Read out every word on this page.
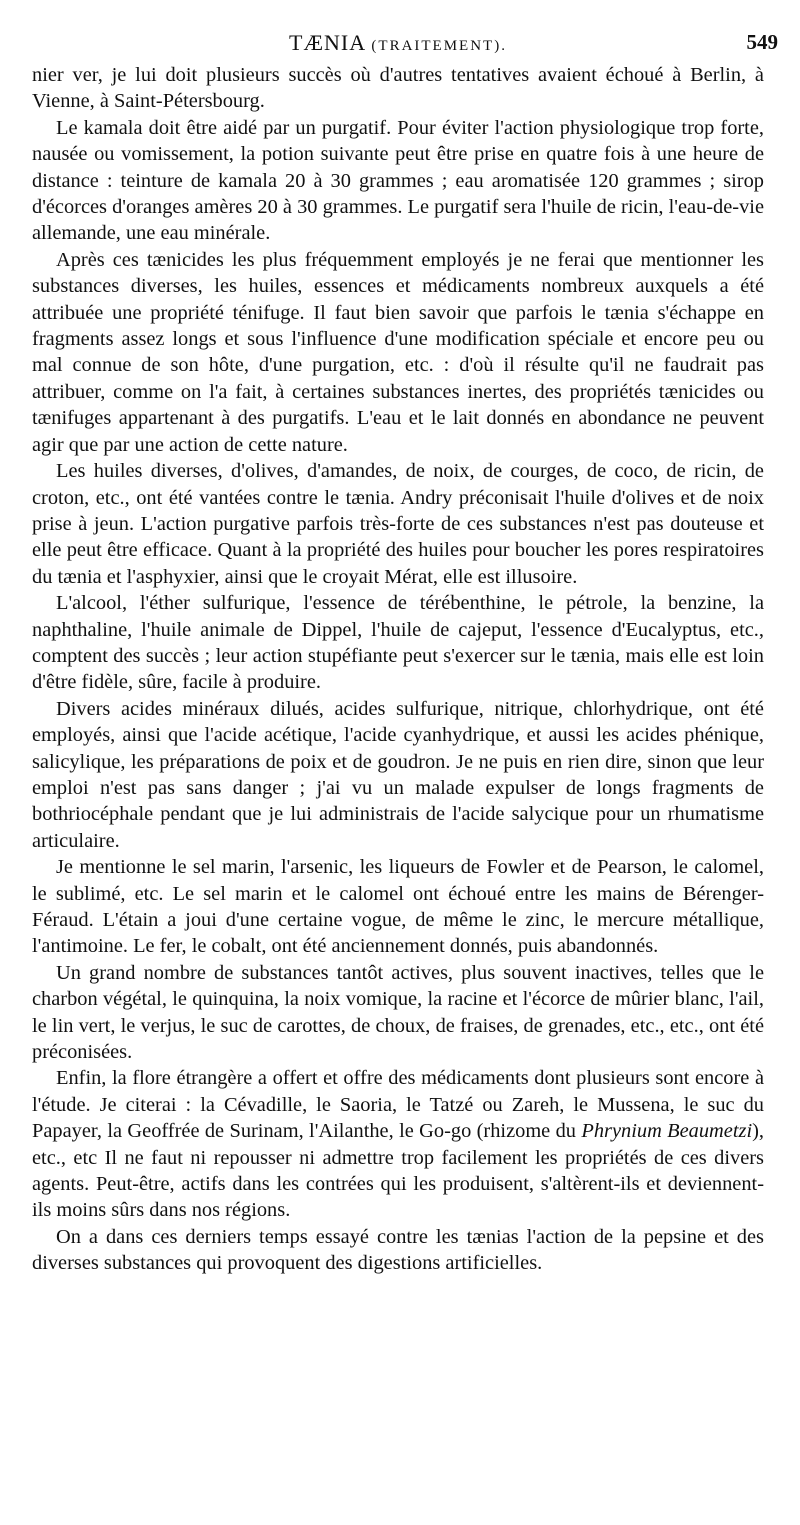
TÆNIA (TRAITEMENT).	549

nier ver, je lui doit plusieurs succès où d'autres tentatives avaient échoué à Berlin, à Vienne, à Saint-Pétersbourg.

Le kamala doit être aidé par un purgatif. Pour éviter l'action physiologique trop forte, nausée ou vomissement, la potion suivante peut être prise en quatre fois à une heure de distance : teinture de kamala 20 à 30 grammes ; eau aromatisée 120 grammes ; sirop d'écorces d'oranges amères 20 à 30 grammes. Le purgatif sera l'huile de ricin, l'eau-de-vie allemande, une eau minérale.

Après ces tænicides les plus fréquemment employés je ne ferai que mentionner les substances diverses, les huiles, essences et médicaments nombreux auxquels a été attribuée une propriété ténifuge. Il faut bien savoir que parfois le tænia s'échappe en fragments assez longs et sous l'influence d'une modification spéciale et encore peu ou mal connue de son hôte, d'une purgation, etc. : d'où il résulte qu'il ne faudrait pas attribuer, comme on l'a fait, à certaines substances inertes, des propriétés tænicides ou tænifuges appartenant à des purgatifs. L'eau et le lait donnés en abondance ne peuvent agir que par une action de cette nature.

Les huiles diverses, d'olives, d'amandes, de noix, de courges, de coco, de ricin, de croton, etc., ont été vantées contre le tænia. Andry préconisait l'huile d'olives et de noix prise à jeun. L'action purgative parfois très-forte de ces substances n'est pas douteuse et elle peut être efficace. Quant à la propriété des huiles pour boucher les pores respiratoires du tænia et l'asphyxier, ainsi que le croyait Mérat, elle est illusoire.

L'alcool, l'éther sulfurique, l'essence de térébenthine, le pétrole, la benzine, la naphthaline, l'huile animale de Dippel, l'huile de cajeput, l'essence d'Eucalyptus, etc., comptent des succès ; leur action stupéfiante peut s'exercer sur le tænia, mais elle est loin d'être fidèle, sûre, facile à produire.

Divers acides minéraux dilués, acides sulfurique, nitrique, chlorhydrique, ont été employés, ainsi que l'acide acétique, l'acide cyanhydrique, et aussi les acides phénique, salicylique, les préparations de poix et de goudron. Je ne puis en rien dire, sinon que leur emploi n'est pas sans danger ; j'ai vu un malade expulser de longs fragments de bothriocéphale pendant que je lui administrais de l'acide salycique pour un rhumatisme articulaire.

Je mentionne le sel marin, l'arsenic, les liqueurs de Fowler et de Pearson, le calomel, le sublimé, etc. Le sel marin et le calomel ont échoué entre les mains de Bérenger-Féraud. L'étain a joui d'une certaine vogue, de même le zinc, le mercure métallique, l'antimoine. Le fer, le cobalt, ont été anciennement donnés, puis abandonnés.

Un grand nombre de substances tantôt actives, plus souvent inactives, telles que le charbon végétal, le quinquina, la noix vomique, la racine et l'écorce de mûrier blanc, l'ail, le lin vert, le verjus, le suc de carottes, de choux, de fraises, de grenades, etc., etc., ont été préconisées.

Enfin, la flore étrangère a offert et offre des médicaments dont plusieurs sont encore à l'étude. Je citerai : la Cévadille, le Saoria, le Tatzé ou Zareh, le Mussena, le suc du Papayer, la Geoffrée de Surinam, l'Ailanthe, le Go-go (rhizome du Phrynium Beaumetzi), etc., etc Il ne faut ni repousser ni admettre trop facilement les propriétés de ces divers agents. Peut-être, actifs dans les contrées qui les produisent, s'altèrent-ils et deviennent-ils moins sûrs dans nos régions.

On a dans ces derniers temps essayé contre les tænias l'action de la pepsine et des diverses substances qui provoquent des digestions artificielles.
